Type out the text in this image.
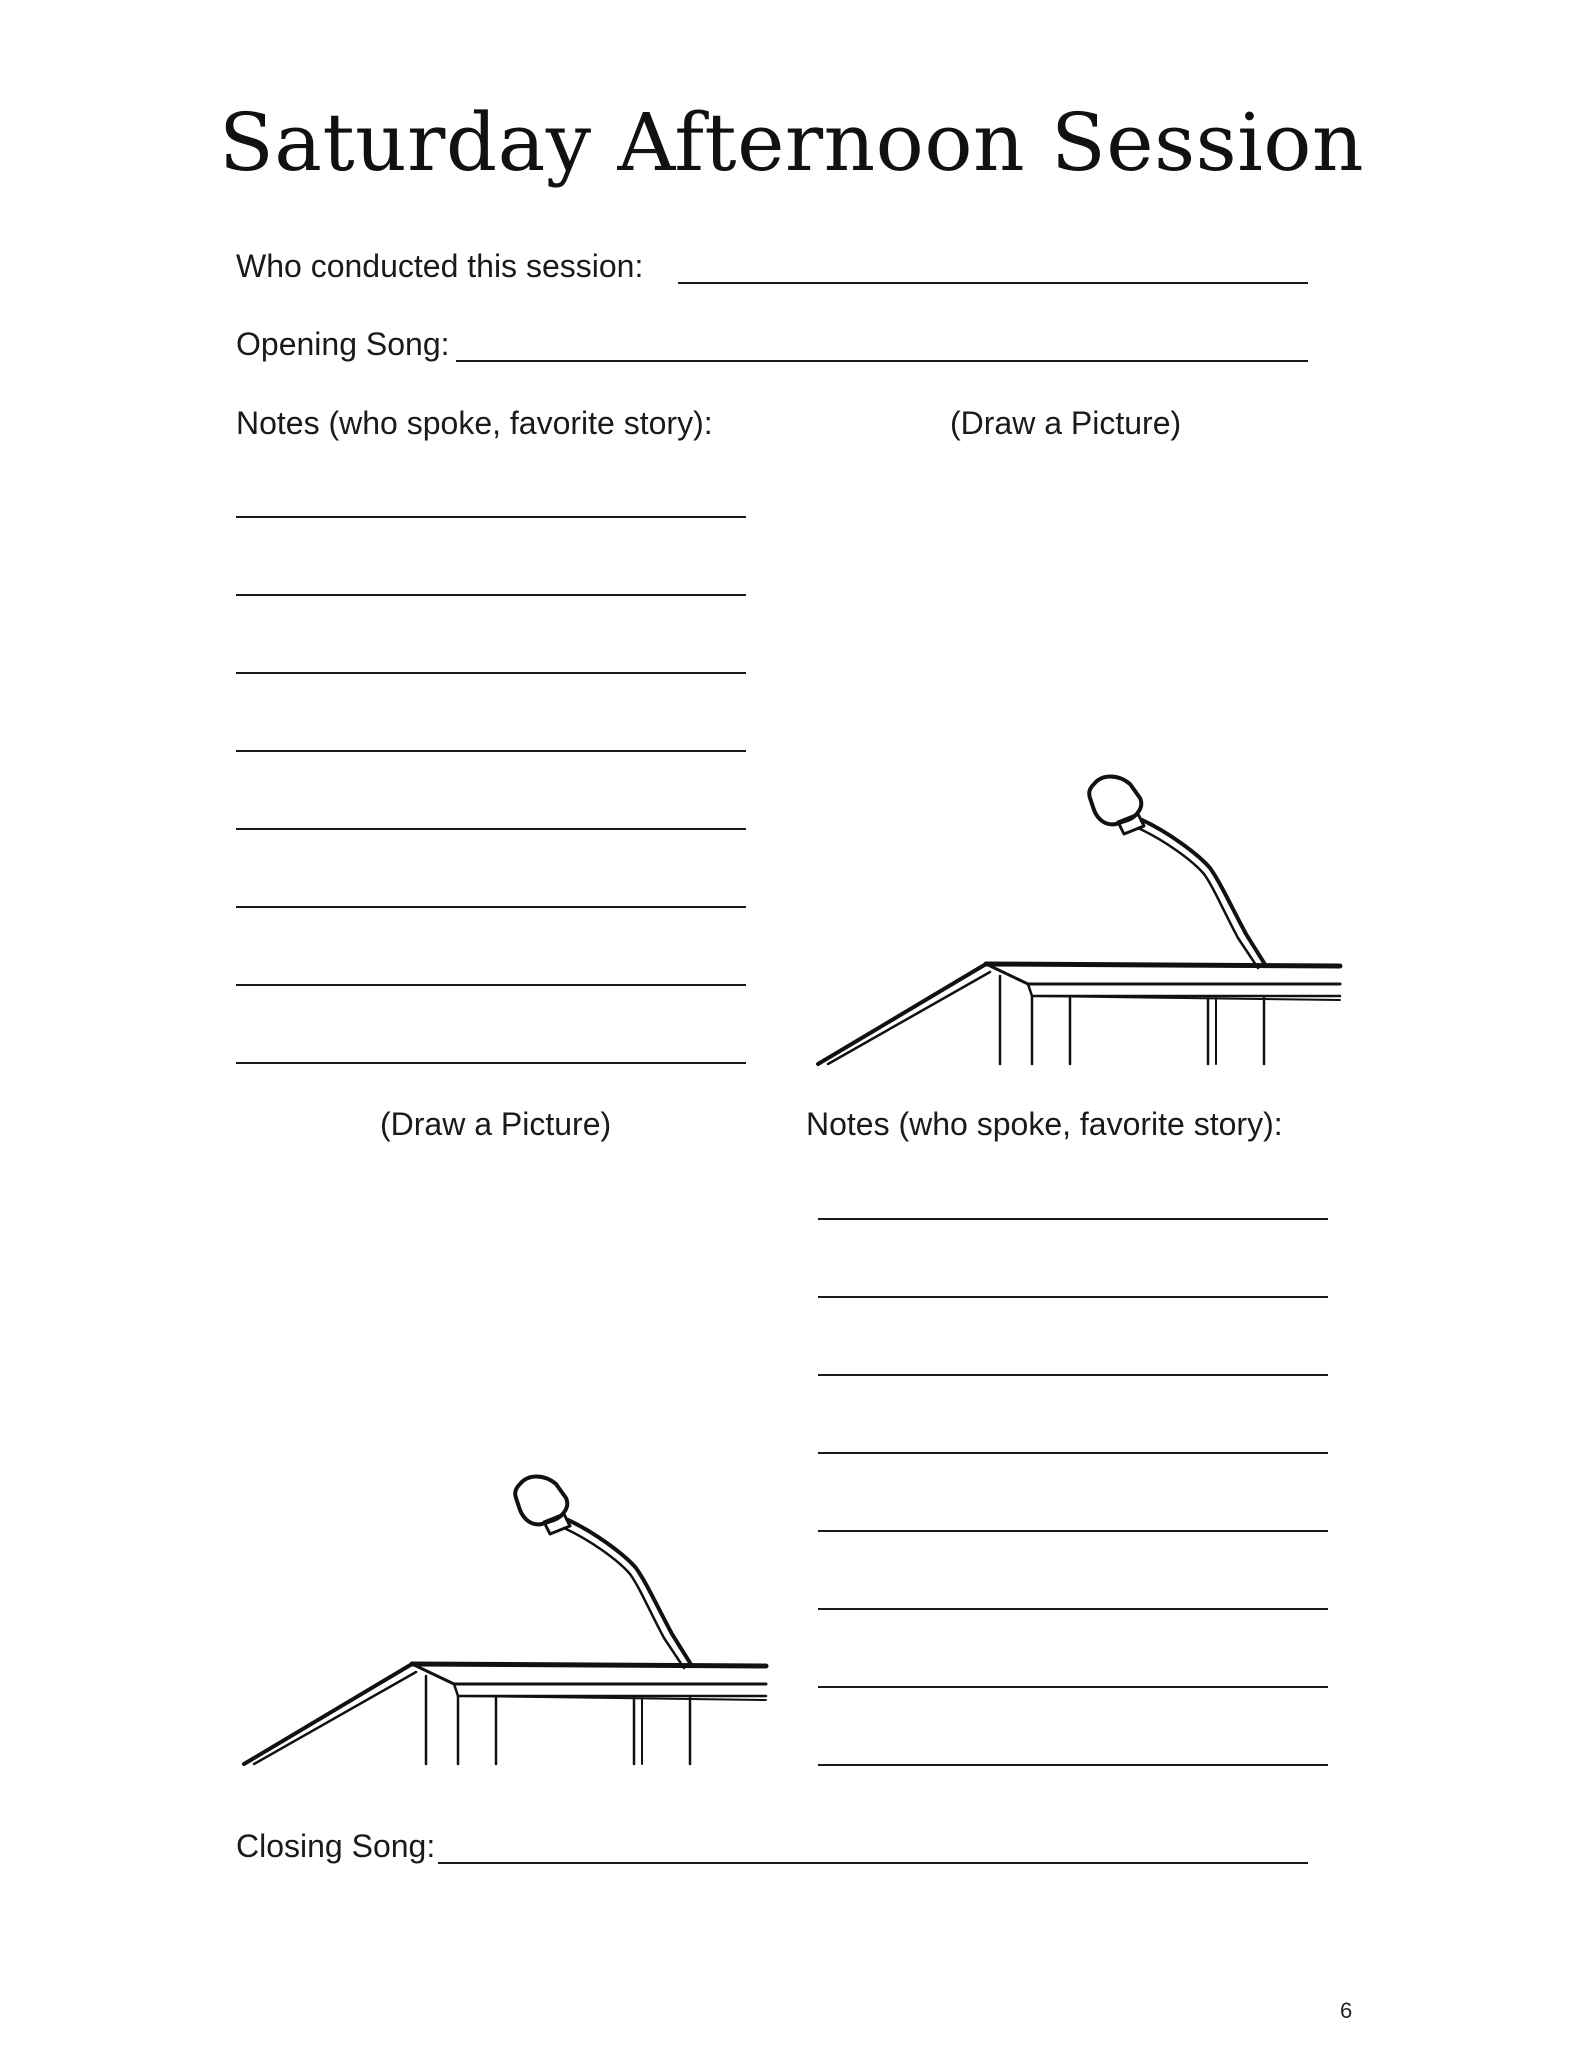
Saturday Afternoon Session
Who conducted this session:
Opening Song:
Notes (who spoke, favorite story):	(Draw a Picture)
(Draw a Picture)	Notes (who spoke, favorite story):
Closing Song:
6
